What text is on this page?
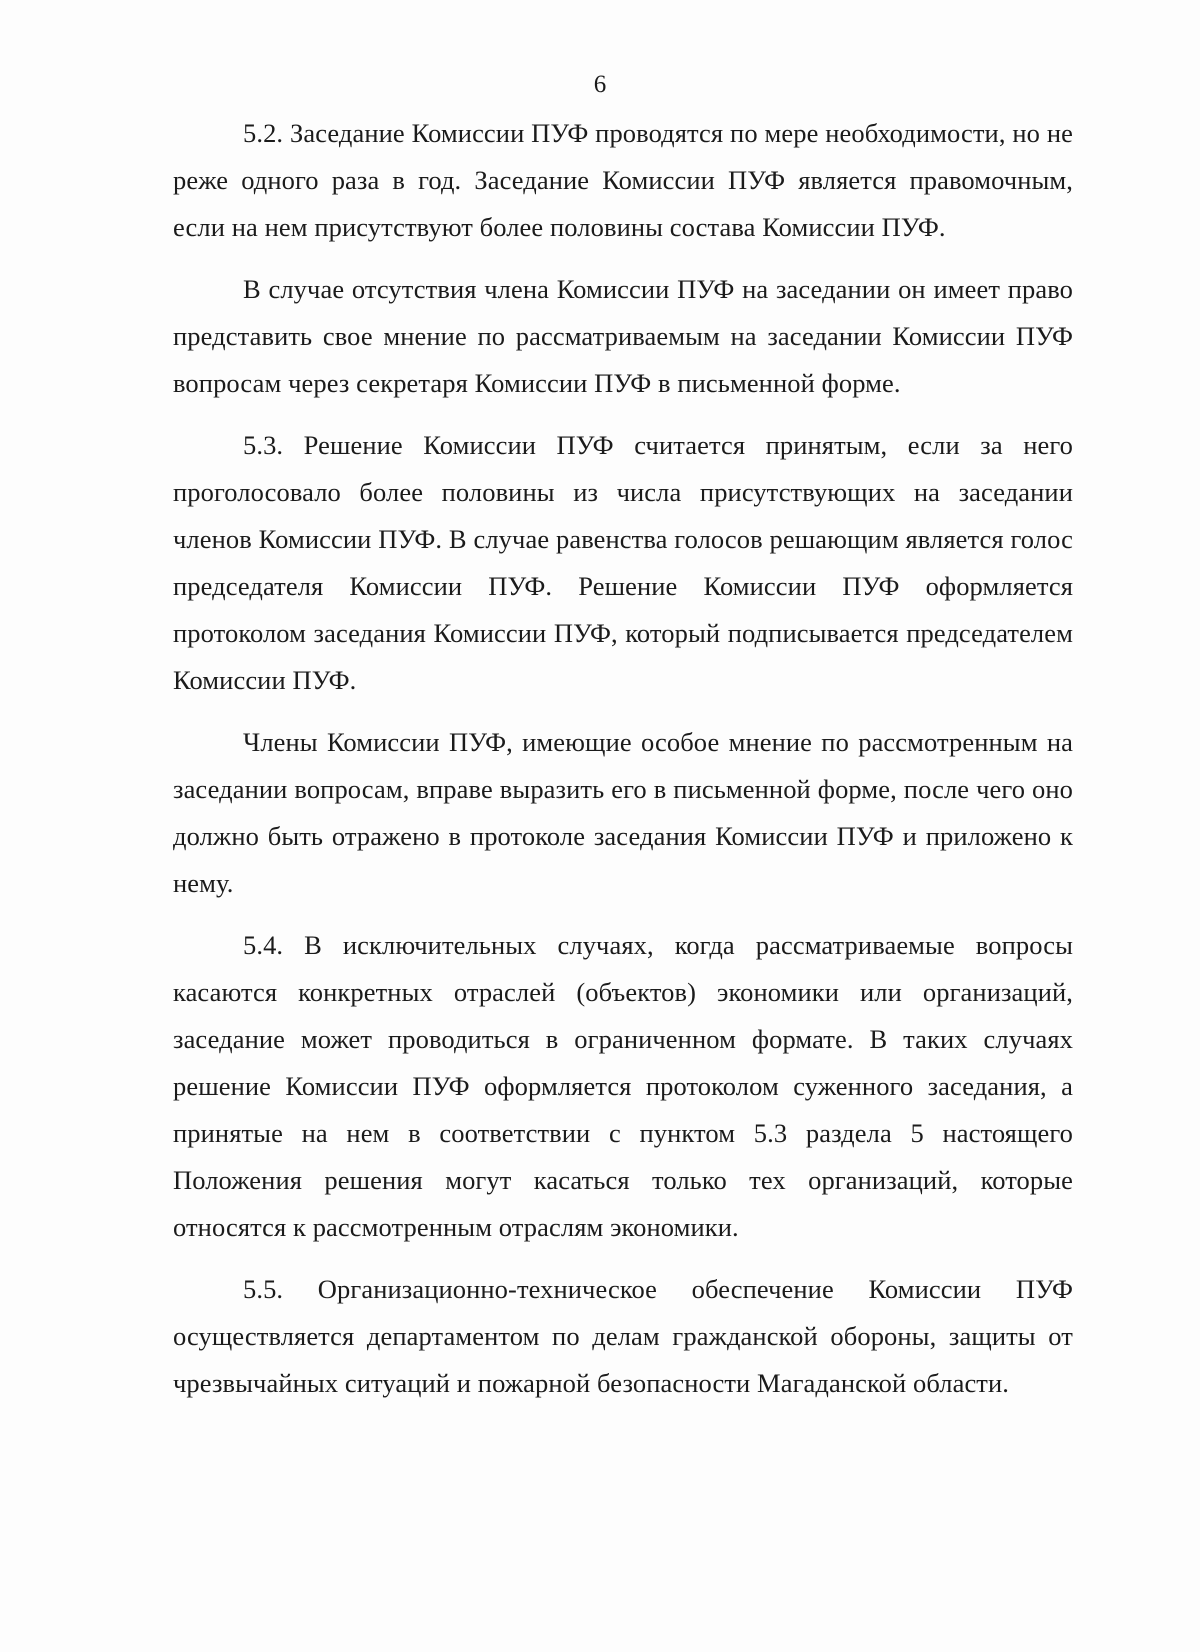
6

5.2. Заседание Комиссии ПУФ проводятся по мере необходимости, но не реже одного раза в год. Заседание Комиссии ПУФ является правомочным, если на нем присутствуют более половины состава Комиссии ПУФ.

В случае отсутствия члена Комиссии ПУФ на заседании он имеет право представить свое мнение по рассматриваемым на заседании Комиссии ПУФ вопросам через секретаря Комиссии ПУФ в письменной форме.

5.3. Решение Комиссии ПУФ считается принятым, если за него проголосовало более половины из числа присутствующих на заседании членов Комиссии ПУФ. В случае равенства голосов решающим является голос председателя Комиссии ПУФ. Решение Комиссии ПУФ оформляется протоколом заседания Комиссии ПУФ, который подписывается председателем Комиссии ПУФ.

Члены Комиссии ПУФ, имеющие особое мнение по рассмотренным на заседании вопросам, вправе выразить его в письменной форме, после чего оно должно быть отражено в протоколе заседания Комиссии ПУФ и приложено к нему.

5.4. В исключительных случаях, когда рассматриваемые вопросы касаются конкретных отраслей (объектов) экономики или организаций, заседание может проводиться в ограниченном формате. В таких случаях решение Комиссии ПУФ оформляется протоколом суженного заседания, а принятые на нем в соответствии с пунктом 5.3 раздела 5 настоящего Положения решения могут касаться только тех организаций, которые относятся к рассмотренным отраслям экономики.

5.5. Организационно-техническое обеспечение Комиссии ПУФ осуществляется департаментом по делам гражданской обороны, защиты от чрезвычайных ситуаций и пожарной безопасности Магаданской области.
